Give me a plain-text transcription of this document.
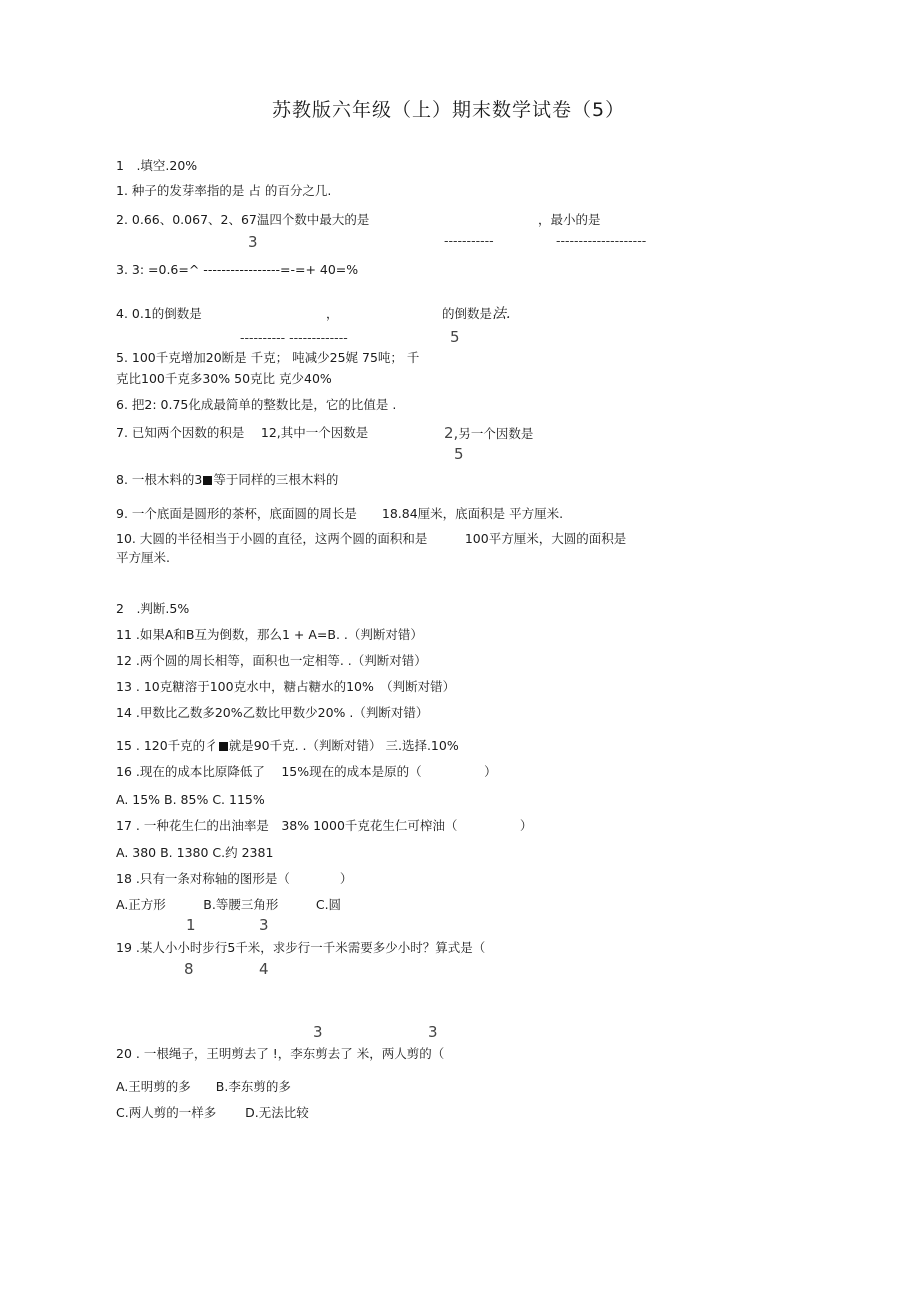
苏教版六年级（上）期末数学试卷（5）
1　.填空.20%
1. 种子的发芽率指的是 占 的百分之几.
2. 0.66、0.067、2、67温四个数中最大的是	，最小的是
3	-----------	--------------------
3. 3: =0.6=^ -----------------=-=+ 40=%
4. 0.1的倒数是	，	的倒数是法.
---------- -------------	5
5. 100千克增加20断是 千克； 吨减少25娓 75吨； 千
克比100千克多30% 50克比 克少40%
6. 把2: 0.75化成最简单的整数比是，它的比值是 .
7. 已知两个因数的积是　 12,其中一个因数是	2,另一个因数是
5
8. 一根木料的3 等于同样的三根木料的
9. 一个底面是圆形的茶杯，底面圆的周长是　　18.84厘米，底面积是 平方厘米.
10. 大圆的半径相当于小圆的直径，这两个圆的面积和是　　　100平方厘米，大圆的面积是
平方厘米.
2　.判断.5%
11 .如果A和B互为倒数，那么1 + A=B. .（判断对错）
12 .两个圆的周长相等，面积也一定相等. .（判断对错）
13 . 10克糖溶于100克水中，糖占糖水的10%　（判断对错）
14 .甲数比乙数多20%乙数比甲数少20% .（判断对错）
15 . 120千克的彳 就是90千克. .（判断对错） 三.选择.10%
16 .现在的成本比原降低了　 15%现在的成本是原的（　　　　　）
A. 15% B. 85% C. 115%
17 . 一种花生仁的出油率是　38% 1000千克花生仁可榨油（　　　　　）
A. 380 B. 1380 C.约 2381
18 .只有一条对称轴的图形是（　　　　）
A.正方形　　　B.等腰三角形　　　C.圆
1	3
19 .某人小小时步行5千米，求步行一千米需要多少小时？算式是（
8	4
3	3
20 . 一根绳子，王明剪去了 !，李东剪去了 米，两人剪的（
A.王明剪的多　　B.李东剪的多
C.两人剪的一样多　　 D.无法比较
